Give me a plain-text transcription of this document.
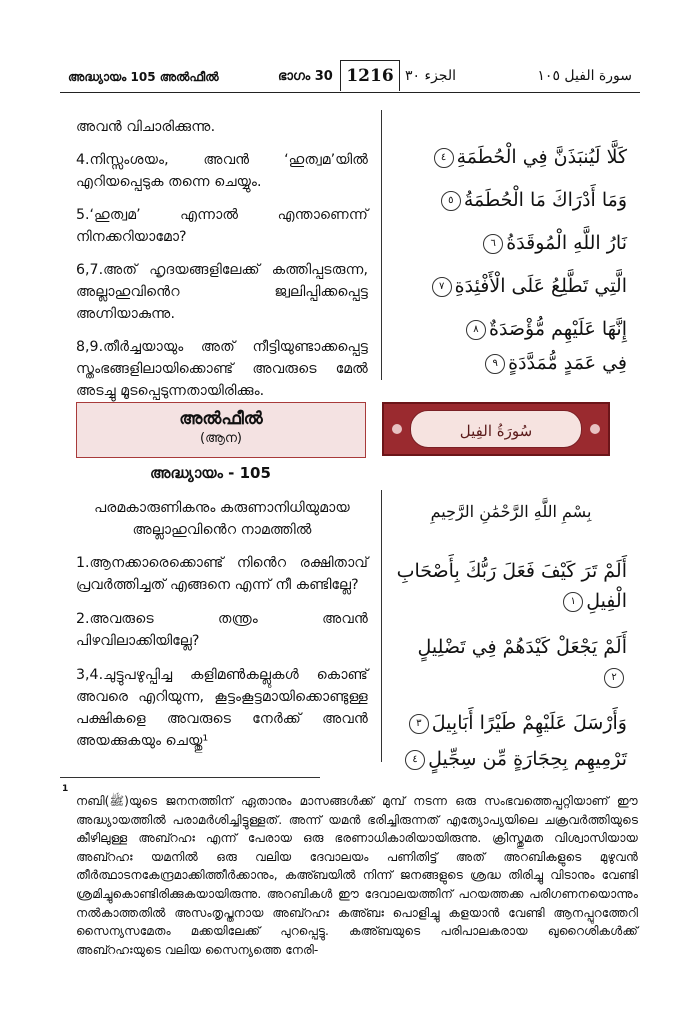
അദ്ധ്യായം 105 അൽഫീൽ	ഭാഗം 30 1216 الجزء ٣٠	سورة الفيل ١٠٥

അവൻ വിചാരിക്കുന്നു.

4.നിസ്സംശയം, അവൻ ‘ഹുത്വമ’യിൽ എറിയപ്പെടുക തന്നെ ചെയ്യും.

5.‘ഹുത്വമ’ എന്നാൽ എന്താണെന്ന് നിനക്കറിയാമോ?

6,7.അത് ഹൃദയങ്ങളിലേക്ക് കത്തിപ്പടരുന്ന, അല്ലാഹുവിൻെറ ജ്വലിപ്പിക്കപ്പെട്ട അഗ്നിയാകുന്നു.

8,9.തീർച്ചയായും അത് നീട്ടിയുണ്ടാക്കപ്പെട്ട സ്തംഭങ്ങളിലായിക്കൊണ്ട് അവരുടെ മേൽ അടച്ചു മൂടപ്പെടുന്നതായിരിക്കും.

كَلَّا لَيُنبَذَنَّ فِي الْحُطَمَةِ٤
وَمَا أَدْرَاكَ مَا الْحُطَمَةُ٥
نَارُ اللَّهِ الْمُوقَدَةُ٦
الَّتِي تَطَّلِعُ عَلَى الْأَفْئِدَةِ٧
إِنَّهَا عَلَيْهِم مُّؤْصَدَةٌ٨
فِي عَمَدٍ مُّمَدَّدَةٍ٩
അൽഫീൽ
(ആന)	سُورَةُ الفِيل
അദ്ധ്യായം - 105
പരമകാരുണികനും കരുണാനിധിയുമായ അല്ലാഹുവിൻെറ നാമത്തിൽ
بِسْمِ اللَّهِ الرَّحْمَٰنِ الرَّحِيمِ

1.ആനക്കാരെക്കൊണ്ട് നിൻെറ രക്ഷിതാവ് പ്രവർത്തിച്ചത് എങ്ങനെ എന്ന് നീ കണ്ടില്ലേ?

2.അവരുടെ തന്ത്രം അവൻ പിഴവിലാക്കിയില്ലേ?

3,4.ചുട്ടുപഴുപ്പിച്ച കളിമൺകല്ലുകൾ കൊണ്ട് അവരെ എറിയുന്ന, കൂട്ടംകൂട്ടമായിക്കൊണ്ടുള്ള പക്ഷികളെ അവരുടെ നേർക്ക് അവൻ അയക്കുകയും ചെയ്തു¹

أَلَمْ تَرَ كَيْفَ فَعَلَ رَبُّكَ بِأَصْحَابِ الْفِيلِ١
أَلَمْ يَجْعَلْ كَيْدَهُمْ فِي تَضْلِيلٍ٢
وَأَرْسَلَ عَلَيْهِمْ طَيْرًا أَبَابِيلَ٣
تَرْمِيهِم بِحِجَارَةٍ مِّن سِجِّيلٍ٤
1
നബി(ﷺ)യുടെ ജനനത്തിന് ഏതാനും മാസങ്ങൾക്ക് മുമ്പ് നടന്ന ഒരു സംഭവത്തെപ്പറ്റിയാണ് ഈ അദ്ധ്യായത്തിൽ പരാമർശിച്ചിട്ടുള്ളത്. അന്ന് യമൻ ഭരിച്ചിരുന്നത് എത്യോപ്യയിലെ ചക്രവർത്തിയുടെ കീഴിലുള്ള അബ്റഹഃ എന്ന് പേരായ ഒരു ഭരണാധികാരിയായിരുന്നു. ക്രിസ്തുമത വിശ്വാസിയായ അബ്റഹഃ യമനിൽ ഒരു വലിയ ദേവാലയം പണിതിട്ട് അത് അറബികളുടെ മുഴുവൻ തീർത്ഥാടനകേന്ദ്രമാക്കിത്തീർക്കാനും, കഅ്ബയിൽ നിന്ന് ജനങ്ങളുടെ ശ്രദ്ധ തിരിച്ചു വിടാനും വേണ്ടി ശ്രമിച്ചുകൊണ്ടിരിക്കുകയായിരുന്നു. അറബികൾ ഈ ദേവാലയത്തിന് പറയത്തക്ക പരിഗണനയൊന്നും നൽകാത്തതിൽ അസംതൃപ്തനായ അബ്റഹഃ കഅ്ബഃ പൊളിച്ചു കളയാൻ വേണ്ടി ആനപ്പുറത്തേറി സൈന്യസമേതം മക്കയിലേക്ക് പുറപ്പെട്ടു. കഅ്ബയുടെ പരിപാലകരായ ഖുറൈശികൾക്ക് അബ്റഹഃയുടെ വലിയ സൈന്യത്തെ നേരി-
